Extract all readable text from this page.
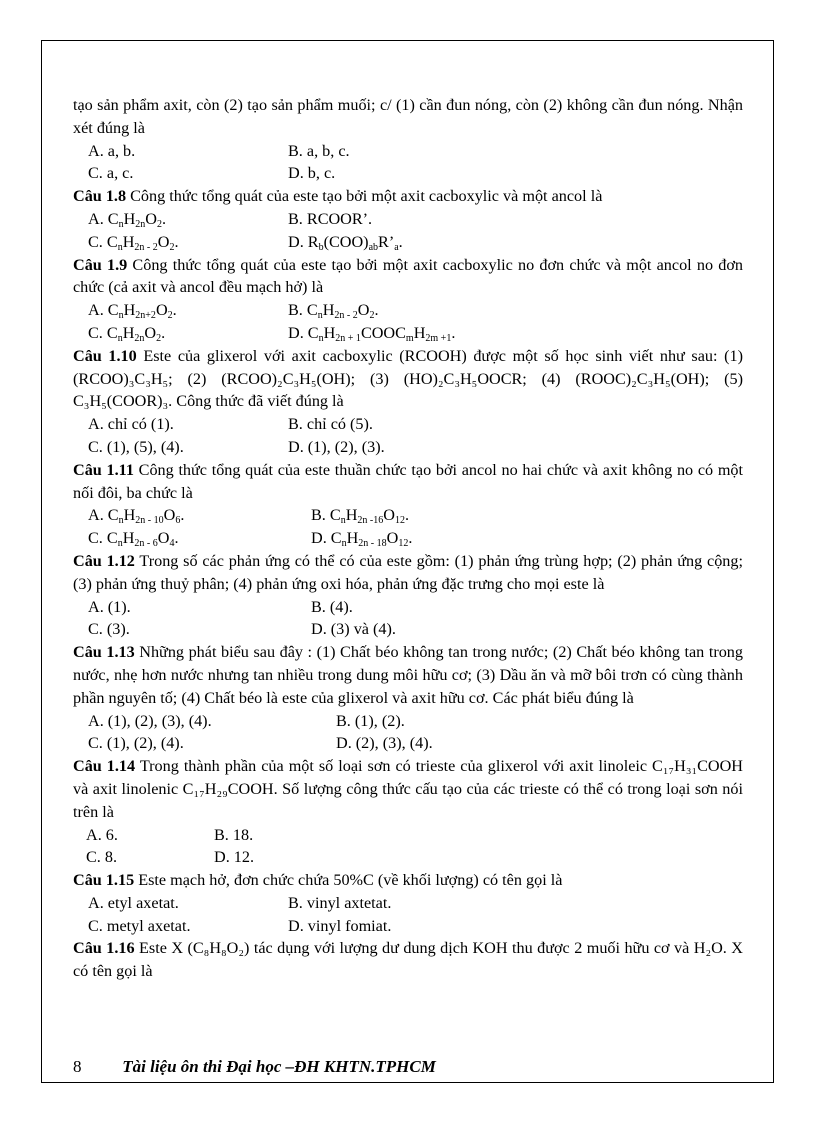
tạo sản phẩm axit, còn (2) tạo sản phẩm muối; c/ (1) cần đun nóng, còn (2) không cần đun nóng. Nhận xét đúng là

A. a, b.	B. a, b, c.
C. a, c.	D. b, c.

Câu 1.8 Công thức tổng quát của este tạo bởi một axit cacboxylic và một ancol là

A. $C_nH_{2n}O_2$.	B. RCOOR’.
C. $C_nH_{2n - 2}O_2$.	D. $R_b(COO)_{ab}R’_a$.

Câu 1.9 Công thức tổng quát của este tạo bởi một axit cacboxylic no đơn chức và một ancol no đơn chức (cả axit và ancol đều mạch hở) là

A. $C_nH_{2n+2}O_2$.	B. $C_nH_{2n - 2}O_2$.
C. $C_nH_{2n}O_2$.	D. $C_nH_{2n + 1}COOC_mH_{2m +1}$.

Câu 1.10 Este của glixerol với axit cacboxylic (RCOOH) được một số học sinh viết như sau: (1) (RCOO)₃C₃H₅; (2) (RCOO)₂C₃H₅(OH); (3) (HO)₂C₃H₅OOCR; (4) (ROOC)₂C₃H₅(OH); (5) C₃H₅(COOR)₃. Công thức đã viết đúng là

A. chỉ có (1).	B. chỉ có (5).
C. (1), (5), (4).	D. (1), (2), (3).

Câu 1.11 Công thức tổng quát của este thuần chức tạo bởi ancol no hai chức và axit không no có một nối đôi, ba chức là

A. $C_nH_{2n - 10}O_6$.	B. $C_nH_{2n -16}O_{12}$.
C. $C_nH_{2n - 6}O_4$.	D. $C_nH_{2n - 18}O_{12}$.

Câu 1.12 Trong số các phản ứng có thể có của este gồm: (1) phản ứng trùng hợp; (2) phản ứng cộng; (3) phản ứng thuỷ phân; (4) phản ứng oxi hóa, phản ứng đặc trưng cho mọi este là

A. (1).	B. (4).
C. (3).	D. (3) và (4).

Câu 1.13 Những phát biểu sau đây : (1) Chất béo không tan trong nước; (2) Chất béo không tan trong nước, nhẹ hơn nước nhưng tan nhiều trong dung môi hữu cơ; (3) Dầu ăn và mỡ bôi trơn có cùng thành phần nguyên tố; (4) Chất béo là este của glixerol và axit hữu cơ. Các phát biểu đúng là

A. (1), (2), (3), (4).	B. (1), (2).
C. (1), (2), (4).	D. (2), (3), (4).

Câu 1.14 Trong thành phần của một số loại sơn có trieste của glixerol với axit linoleic C₁₇H₃₁COOH và axit linolenic C₁₇H₂₉COOH. Số lượng công thức cấu tạo của các trieste có thể có trong loại sơn nói trên là

A. 6.	B. 18.
C. 8.	D. 12.

Câu 1.15 Este mạch hở, đơn chức chứa 50%C (về khối lượng) có tên gọi là

A. etyl axetat.	B. vinyl axtetat.
C. metyl axetat.	D. vinyl fomiat.

Câu 1.16 Este X (C₈H₈O₂) tác dụng với lượng dư dung dịch KOH thu được 2 muối hữu cơ và H₂O. X có tên gọi là

8 Tài liệu ôn thi Đại học –ĐH KHTN.TPHCM
